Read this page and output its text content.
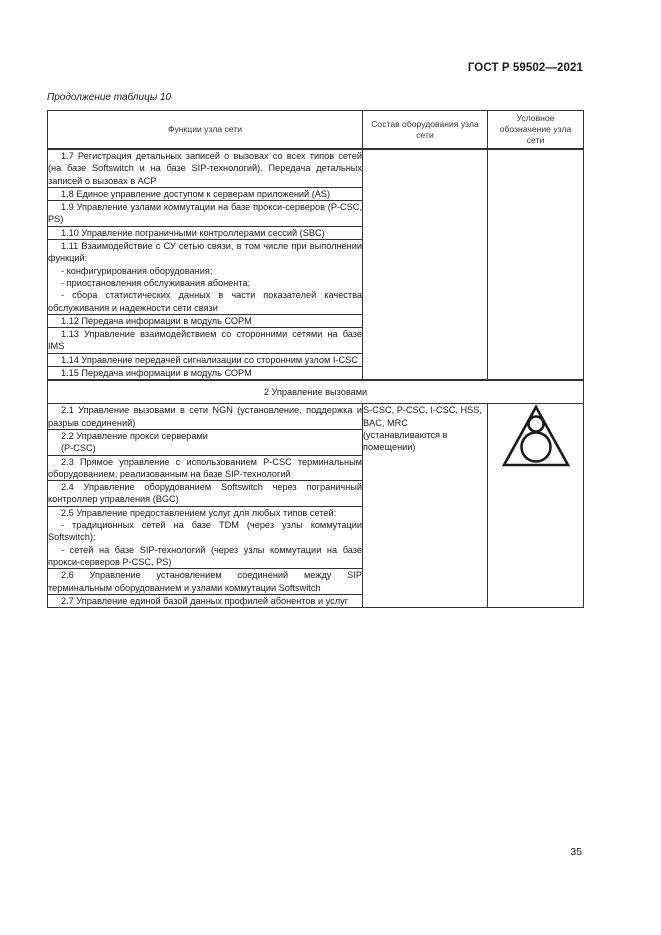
ГОСТ Р 59502—2021
Продолжение таблицы 10
Функции узла сети	Состав оборудования узла сети	Условное обозначение узла сети

1.7 Регистрация детальных записей о вызовах со всех типов сетей (на базе Softswitch и на базе SIP-технологий). Передача детальных записей о вызовах в АСР		

1.8 Единое управление доступом к серверам приложений (AS)		

1.9 Управление узлами коммутации на базе прокси-серверов (P-CSC, PS)		

1.10 Управление пограничными контроллерами сессий (SBC)		

1.11 Взаимодействие с СУ сетью связи, в том числе при выполнении функций:
- конфигурирования оборудования;
- приостановления обслуживания абонента;
- сбора статистических данных в части показателей качества обслуживания и надежности сети связи		

1.12 Передача информации в модуль СОРМ		

1.13 Управление взаимодействием со сторонними сетями на базе IMS		

1.14 Управление передачей сигнализации со сторонним узлом I-CSC		

1.15 Передача информации в модуль СОРМ		

2 Управление вызовами		

2.1 Управление вызовами в сети NGN (установление, поддержка и разрыв соединений)	S-CSC, P-CSC, I-CSC, HSS, BAC, MRC (устанавливаются в помещении)	

2.2 Управление прокси серверами
(P-CSC)		

2.3 Прямое управление с использованием P-CSC терминальным оборудованием, реализованным на базе SIP-технологий		

2.4 Управление оборудованием Softswitch через пограничный контроллер управления (BGC)		

2.5 Управление предоставлением услуг для любых типов сетей:
- традиционных сетей на базе TDM (через узлы коммутации Softswitch);
- сетей на базе SIP-технологий (через узлы коммутации на базе прокси-серверов P-CSC, PS)		

2.6 Управление установлением соединений между SIP терминальным оборудованием и узлами коммутации Softswitch		

2.7 Управление единой базой данных профилей абонентов и услуг		
35
